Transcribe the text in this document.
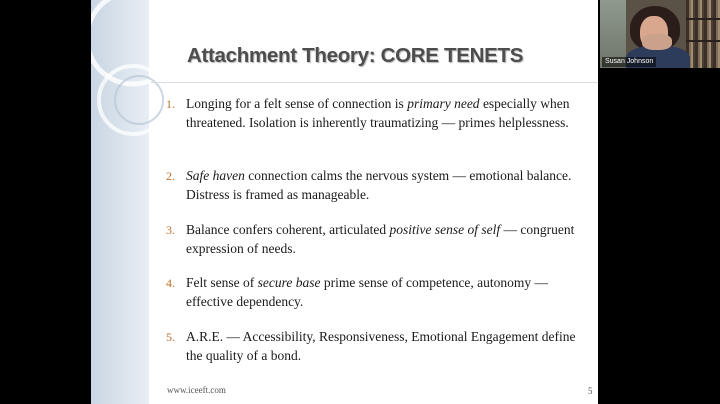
Attachment Theory: CORE TENETS
1. Longing for a felt sense of connection is primary need especially when threatened. Isolation is inherently traumatizing — primes helplessness.
2. Safe haven connection calms the nervous system — emotional balance. Distress is framed as manageable.
3. Balance confers coherent, articulated positive sense of self — congruent expression of needs.
4. Felt sense of secure base prime sense of competence, autonomy — effective dependency.
5. A.R.E. — Accessibility, Responsiveness, Emotional Engagement define the quality of a bond.
www.iceeft.com	5
Susan Johnson
